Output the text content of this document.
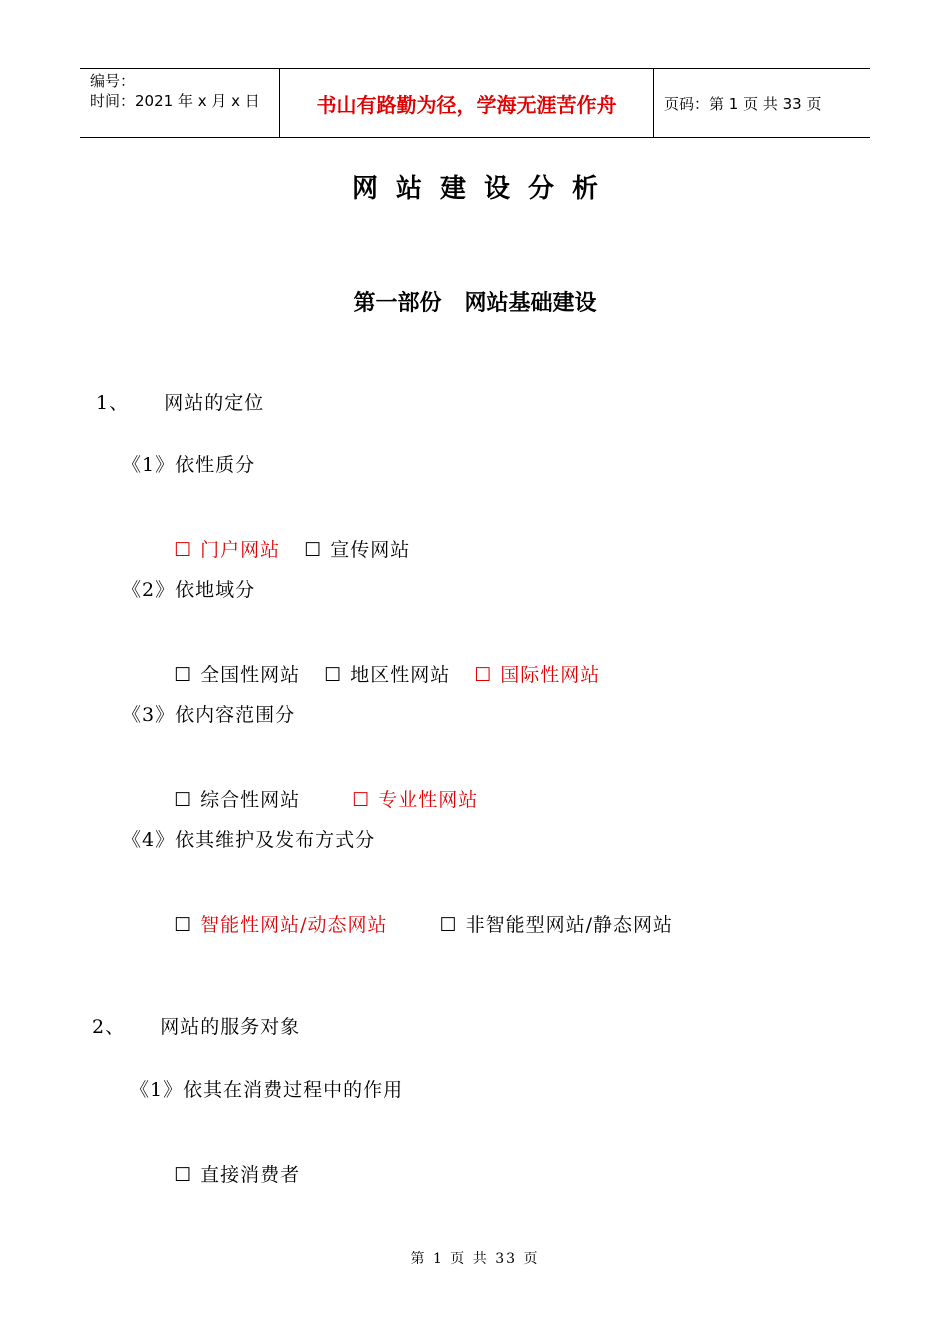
编号：
时间：2021 年 x 月 x 日	书山有路勤为径，学海无涯苦作舟	页码：第 1 页 共 33 页
网站建设分析
第一部份   网站基础建设
1、     网站的定位
《1》依性质分

☐ 门户网站 ☐ 宣传网站

《2》依地域分

☐ 全国性网站 ☐ 地区性网站 ☐ 国际性网站

《3》依内容范围分

☐ 综合性网站	☐ 专业性网站

《4》依其维护及发布方式分

☐ 智能性网站/动态网站	☐ 非智能型网站/静态网站

2、     网站的服务对象
《1》依其在消费过程中的作用

☐ 直接消费者

第 1 页 共 33 页
